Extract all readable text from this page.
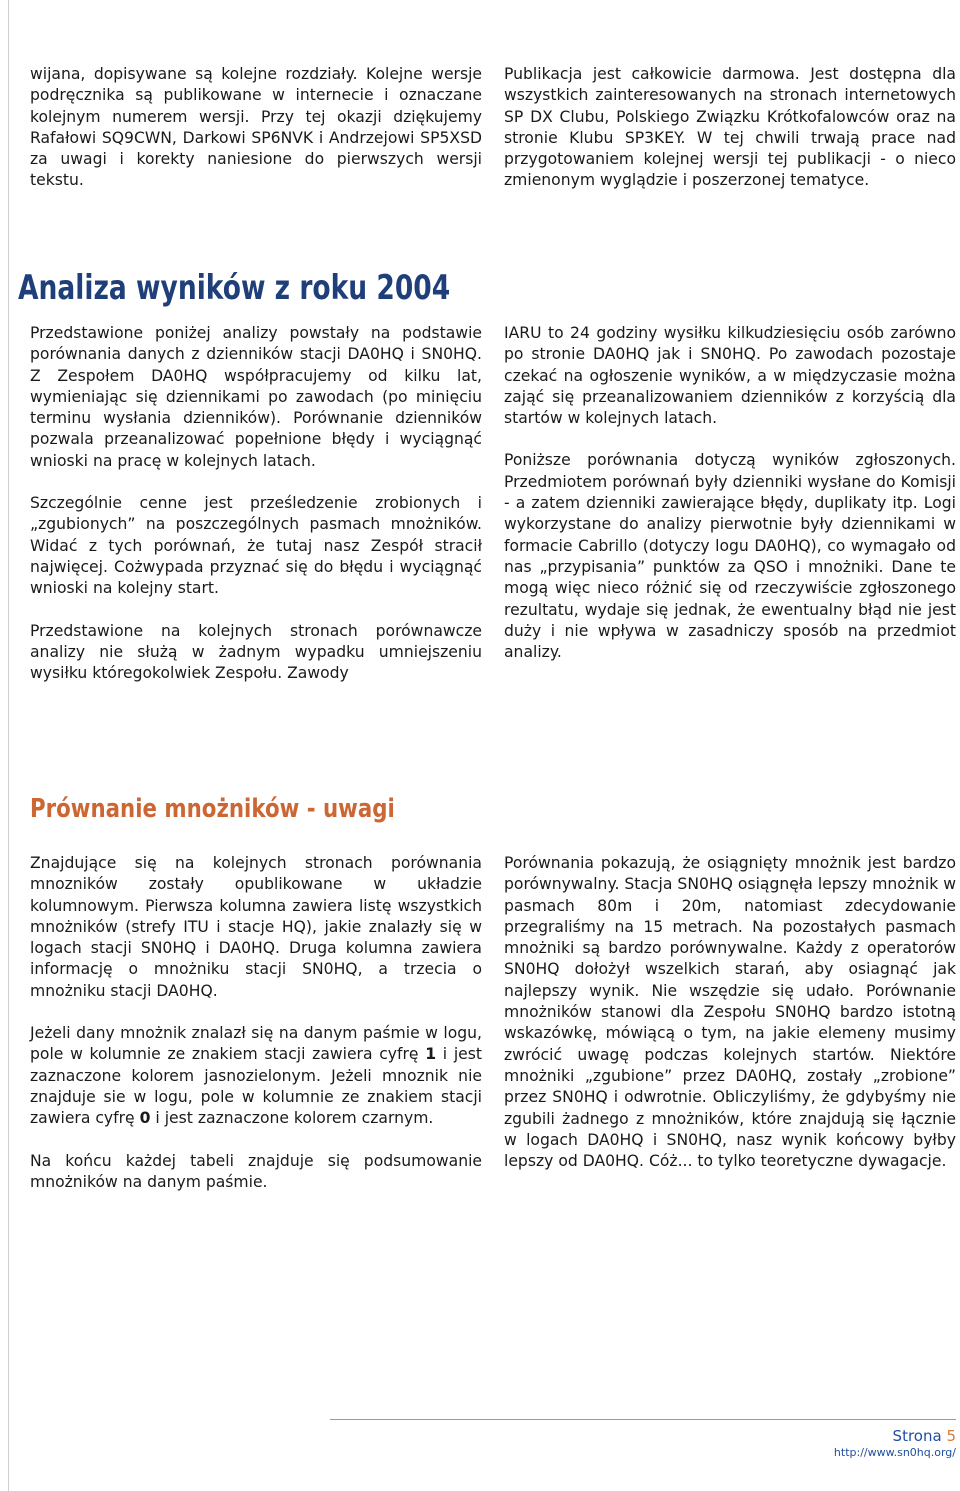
wijana, dopisywane są kolejne rozdziały. Kolejne wersje podręcznika są publikowane w internecie i oznaczane kolejnym numerem wersji. Przy tej okazji dziękujemy Rafałowi SQ9CWN, Darkowi SP6NVK i Andrzejowi SP5XSD za uwagi i korekty naniesione do pierwszych wersji tekstu.

Publikacja jest całkowicie darmowa. Jest dostępna dla wszystkich zainteresowanych na stronach internetowych SP DX Clubu, Polskiego Związku Krótkofalowców oraz na stronie Klubu SP3KEY. W tej chwili trwają prace nad przygotowaniem kolejnej wersji tej publikacji - o nieco zmienonym wyglądzie i poszerzonej tematyce.

Analiza wyników z roku 2004

Przedstawione poniżej analizy powstały na podstawie porównania danych z dzienników stacji DA0HQ i SN0HQ. Z Zespołem DA0HQ współpracujemy od kilku lat, wymieniając się dziennikami po zawodach (po minięciu terminu wysłania dzienników). Porównanie dzienników pozwala przeanalizować popełnione błędy i wyciągnąć wnioski na pracę w kolejnych latach.

Szczególnie cenne jest prześledzenie zrobionych i „zgubionych” na poszczególnych pasmach mnożników. Widać z tych porównań, że tutaj nasz Zespół stracił najwięcej. Cożwypada przyznać się do błędu i wyciągnąć wnioski na kolejny start.

Przedstawione na kolejnych stronach porównawcze analizy nie służą w żadnym wypadku umniejszeniu wysiłku któregokolwiek Zespołu. Zawody

IARU to 24 godziny wysiłku kilkudziesięciu osób zarówno po stronie DA0HQ jak i SN0HQ. Po zawodach pozostaje czekać na ogłoszenie wyników, a w międzyczasie można zająć się przeanalizowaniem dzienników z korzyścią dla startów w kolejnych latach.

Poniższe porównania dotyczą wyników zgłoszonych. Przedmiotem porównań były dzienniki wysłane do Komisji - a zatem dzienniki zawierające błędy, duplikaty itp. Logi wykorzystane do analizy pierwotnie były dziennikami w formacie Cabrillo (dotyczy logu DA0HQ), co wymagało od nas „przypisania” punktów za QSO i mnożniki. Dane te mogą więc nieco różnić się od rzeczywiście zgłoszonego rezultatu, wydaje się jednak, że ewentualny błąd nie jest duży i nie wpływa w zasadniczy sposób na przedmiot analizy.

Prównanie mnożników - uwagi

Znajdujące się na kolejnych stronach porównania mnozników zostały opublikowane w układzie kolumnowym. Pierwsza kolumna zawiera listę wszystkich mnożników (strefy ITU i stacje HQ), jakie znalazły się w logach stacji SN0HQ i DA0HQ. Druga kolumna zawiera informację o mnożniku stacji SN0HQ, a trzecia o mnożniku stacji DA0HQ.

Jeżeli dany mnożnik znalazł się na danym paśmie w logu, pole w kolumnie ze znakiem stacji zawiera cyfrę 1 i jest zaznaczone kolorem jasnozielonym. Jeżeli mnoznik nie znajduje sie w logu, pole w kolumnie ze znakiem stacji zawiera cyfrę 0 i jest zaznaczone kolorem czarnym.

Na końcu każdej tabeli znajduje się podsumowanie mnożników na danym paśmie.

Porównania pokazują, że osiągnięty mnożnik jest bardzo porównywalny. Stacja SN0HQ osiągnęła lepszy mnożnik w pasmach 80m i 20m, natomiast zdecydowanie przegraliśmy na 15 metrach. Na pozostałych pasmach mnożniki są bardzo porównywalne. Każdy z operatorów SN0HQ dołożył wszelkich starań, aby osiagnąć jak najlepszy wynik. Nie wszędzie się udało. Porównanie mnożników stanowi dla Zespołu SN0HQ bardzo istotną wskazówkę, mówiącą o tym, na jakie elemeny musimy zwrócić uwagę podczas kolejnych startów. Niektóre mnożniki „zgubione” przez DA0HQ, zostały „zrobione” przez SN0HQ i odwrotnie. Obliczyliśmy, że gdybyśmy nie zgubili żadnego z mnożników, które znajdują się łącznie w logach DA0HQ i SN0HQ, nasz wynik końcowy byłby lepszy od DA0HQ. Cóż... to tylko teoretyczne dywagacje.

Strona 5
http://www.sn0hq.org/
